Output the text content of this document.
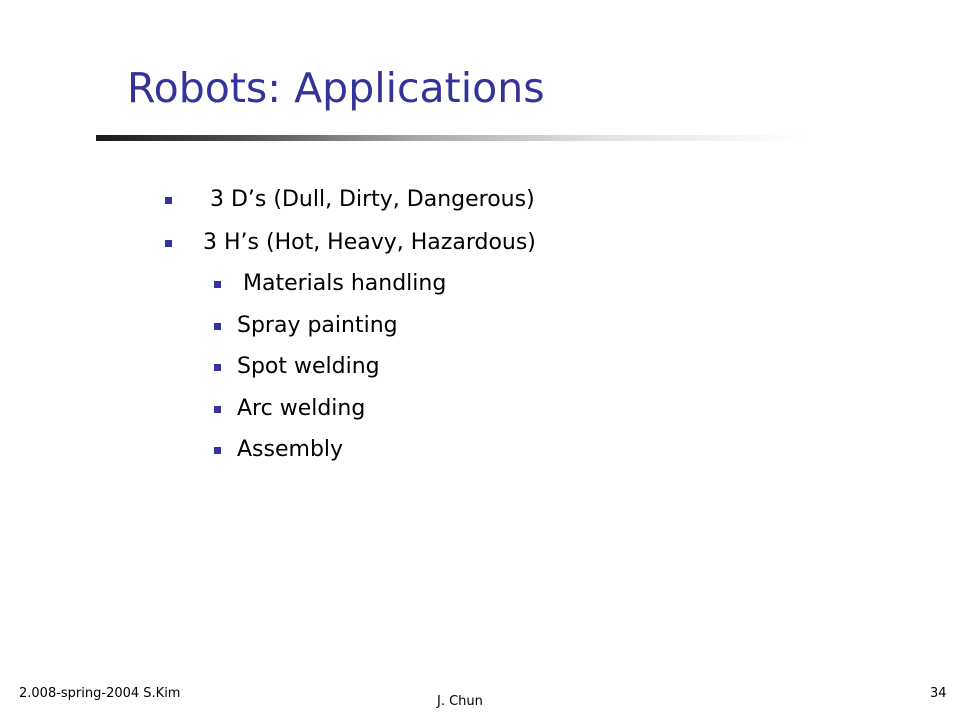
Robots: Applications
3 D’s (Dull, Dirty, Dangerous)
3 H’s (Hot, Heavy, Hazardous)
Materials handling
Spray painting
Spot welding
Arc welding
Assembly
2.008-spring-2004 S.Kim
J. Chun
34
